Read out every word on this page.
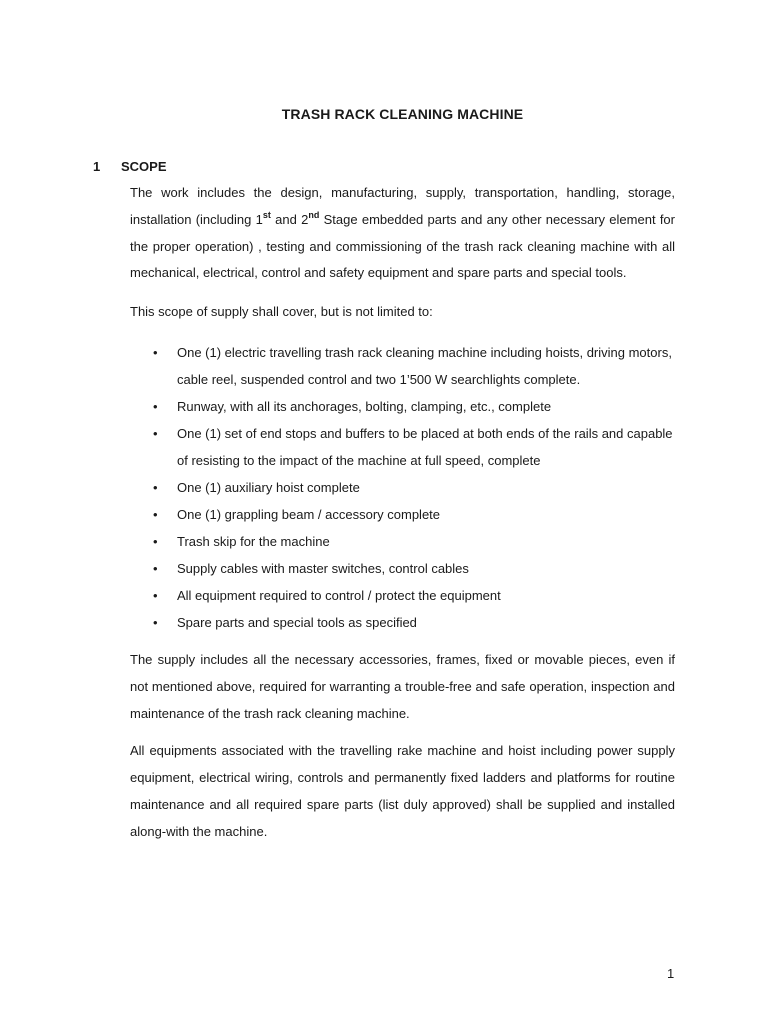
TRASH RACK CLEANING MACHINE
1 SCOPE

The work includes the design, manufacturing, supply, transportation, handling, storage, installation (including 1st and 2nd Stage embedded parts and any other necessary element for the proper operation) , testing and commissioning of the trash rack cleaning machine with all mechanical, electrical, control and safety equipment and spare parts and special tools.

This scope of supply shall cover, but is not limited to:

• One (1) electric travelling trash rack cleaning machine including hoists, driving motors, cable reel, suspended control and two 1’500 W searchlights complete.
• Runway, with all its anchorages, bolting, clamping, etc., complete
• One (1) set of end stops and buffers to be placed at both ends of the rails and capable of resisting to the impact of the machine at full speed, complete
• One (1) auxiliary hoist complete
• One (1) grappling beam / accessory complete
• Trash skip for the machine
• Supply cables with master switches, control cables
• All equipment required to control / protect the equipment
• Spare parts and special tools as specified

The supply includes all the necessary accessories, frames, fixed or movable pieces, even if not mentioned above, required for warranting a trouble-free and safe operation, inspection and maintenance of the trash rack cleaning machine.

All equipments associated with the travelling rake machine and hoist including power supply equipment, electrical wiring, controls and permanently fixed ladders and platforms for routine maintenance and all required spare parts (list duly approved) shall be supplied and installed along-with the machine.

1
